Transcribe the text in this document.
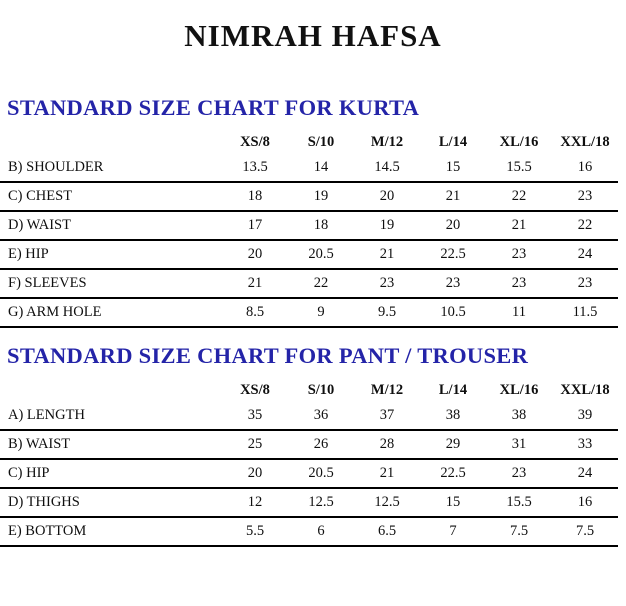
NIMRAH HAFSA
STANDARD SIZE CHART FOR KURTA
XS/8	S/10	M/12	L/14	XL/16	XXL/18
B) SHOULDER	13.5	14	14.5	15	15.5	16
C) CHEST	18	19	20	21	22	23
D) WAIST	17	18	19	20	21	22
E) HIP	20	20.5	21	22.5	23	24
F) SLEEVES	21	22	23	23	23	23
G) ARM HOLE	8.5	9	9.5	10.5	11	11.5
STANDARD SIZE CHART FOR PANT / TROUSER
XS/8	S/10	M/12	L/14	XL/16	XXL/18
A) LENGTH	35	36	37	38	38	39
B) WAIST	25	26	28	29	31	33
C) HIP	20	20.5	21	22.5	23	24
D) THIGHS	12	12.5	12.5	15	15.5	16
E) BOTTOM	5.5	6	6.5	7	7.5	7.5
